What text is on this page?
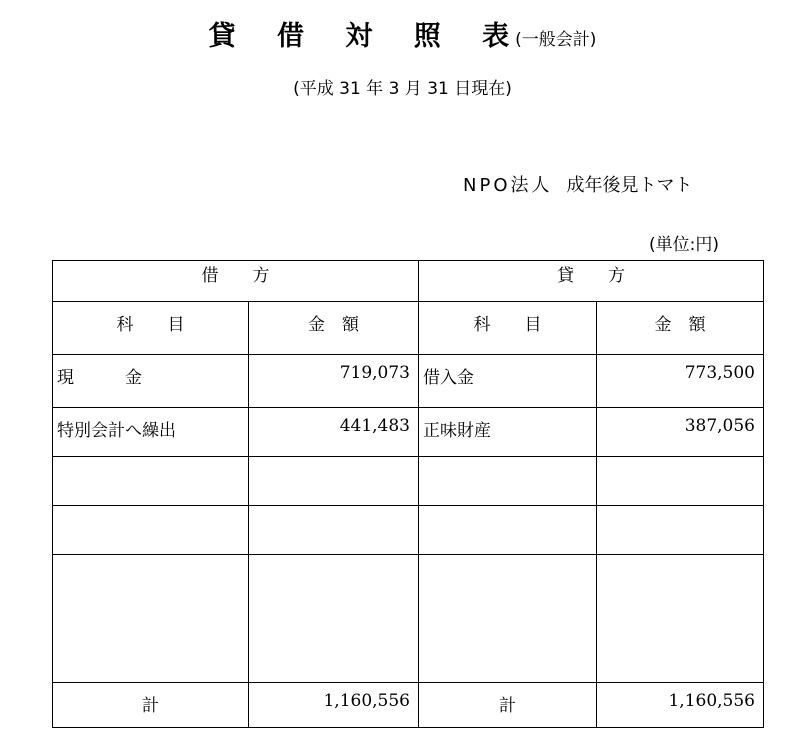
貸 借 対 照 表(一般会計)
(平成 31 年 3 月 31 日現在)
NPO法人 成年後見トマト
(単位:円)
借　　方		貸　　方	
科　　目	金　額	科　　目	金　額
現　　　金	719,073	借入金	773,500
特別会計へ繰出	441,483	正味財産	387,056

計	1,160,556	計	1,160,556
